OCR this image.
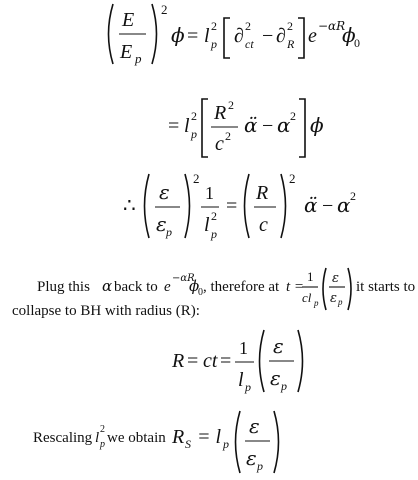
E
E p
2
ϕ = l 2
p ∂ 2
ct − ∂ 2
R e −αR
ϕ
0
= l 2
p
R 2
c 2 α̈ − α 2 ϕ
∴
ε
ε p
2
1
l 2
p
=
R
c
2
α̈ − α 2
Plug this α back to e
−αR
ϕ
0 , therefore at t =
1
cl p
ε
ε p
it starts to
collapse to BH with radius (R):
R = ct =
1
l p
ε
ε p
Rescaling l
2
p we obtain R S = l p
ε
ε p
